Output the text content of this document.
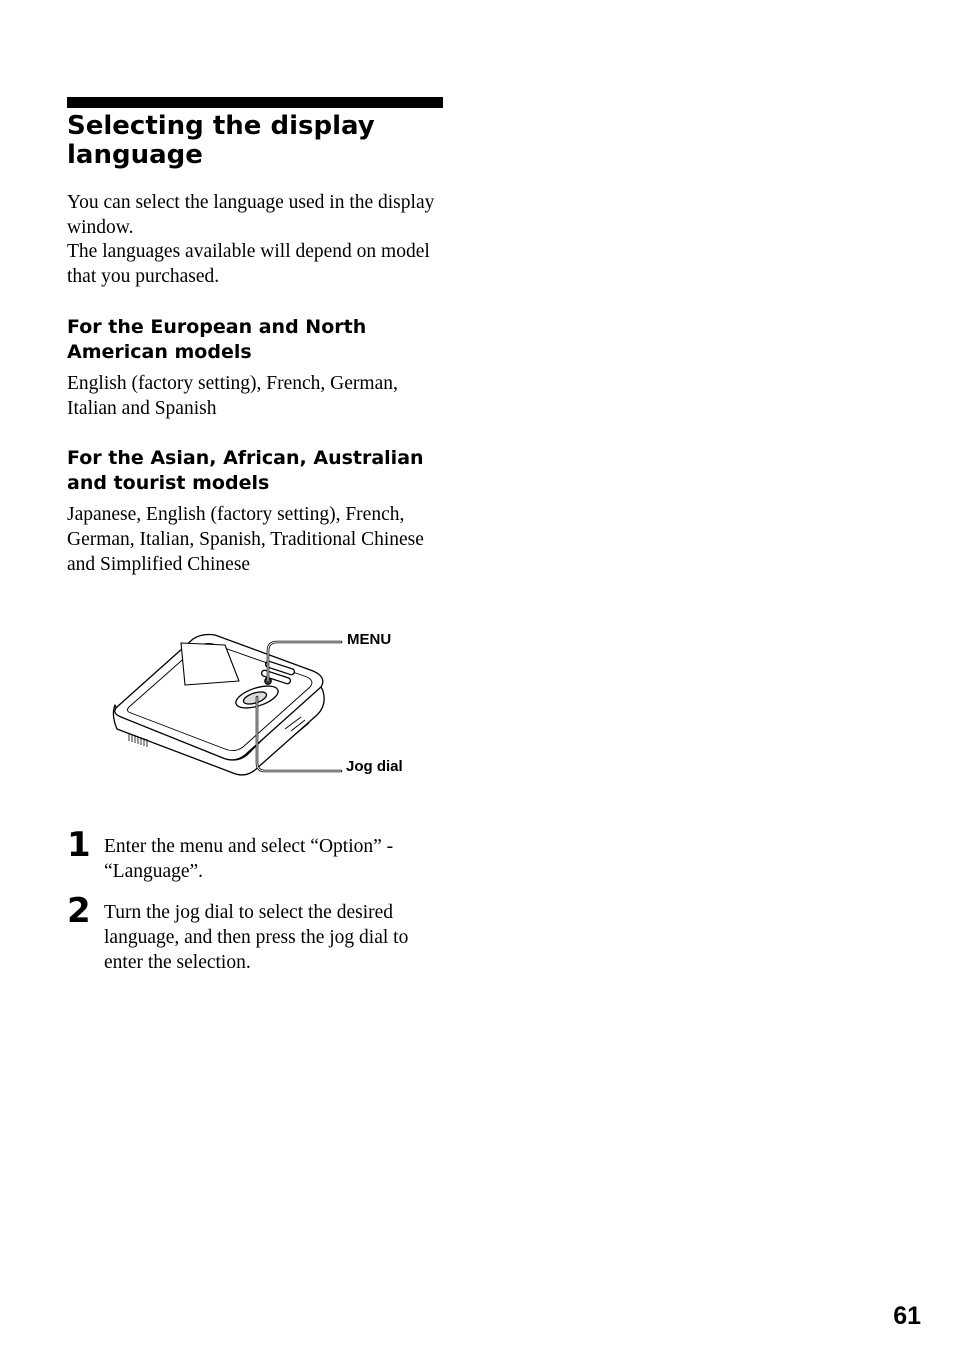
Selecting the display language

You can select the language used in the display window.

The languages available will depend on model that you purchased.

For the European and North American models

English (factory setting), French, German, Italian and Spanish

For the Asian, African, Australian and tourist models

Japanese, English (factory setting), French, German, Italian, Spanish, Traditional Chinese and Simplified Chinese

MENU
Jog dial
1 Enter the menu and select “Option” - “Language”.
2 Turn the jog dial to select the desired language, and then press the jog dial to enter the selection.
61
